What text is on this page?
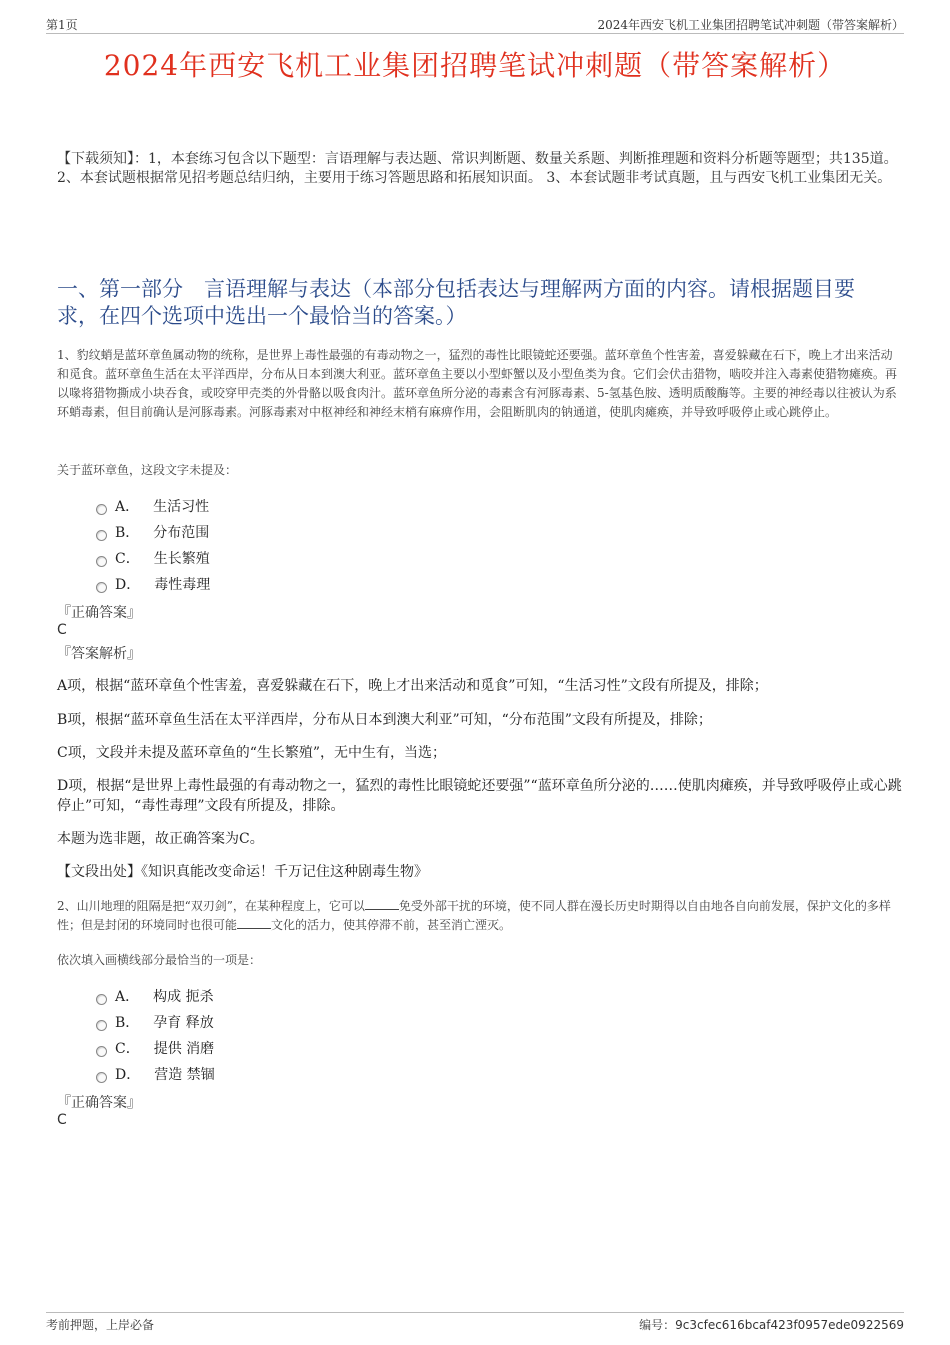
第1页	2024年西安飞机工业集团招聘笔试冲刺题（带答案解析）
2024年西安飞机工业集团招聘笔试冲刺题（带答案解析）
【下载须知】：1，本套练习包含以下题型：言语理解与表达题、常识判断题、数量关系题、判断推理题和资料分析题等题型；共135道。 2、本套试题根据常见招考题总结归纳，主要用于练习答题思路和拓展知识面。 3、本套试题非考试真题，且与西安飞机工业集团无关。
一、第一部分　言语理解与表达（本部分包括表达与理解两方面的内容。请根据题目要求，在四个选项中选出一个最恰当的答案。）
1、豹纹蛸是蓝环章鱼属动物的统称，是世界上毒性最强的有毒动物之一，猛烈的毒性比眼镜蛇还要强。蓝环章鱼个性害羞，喜爱躲藏在石下，晚上才出来活动和觅食。蓝环章鱼生活在太平洋西岸，分布从日本到澳大利亚。蓝环章鱼主要以小型虾蟹以及小型鱼类为食。它们会伏击猎物，啮咬并注入毒素使猎物瘫痪。再以喙将猎物撕成小块吞食，或咬穿甲壳类的外骨骼以吸食肉汁。蓝环章鱼所分泌的毒素含有河豚毒素、5-氢基色胺、透明质酸酶等。主要的神经毒以往被认为系环蛸毒素，但目前确认是河豚毒素。河豚毒素对中枢神经和神经末梢有麻痹作用，会阻断肌肉的钠通道，使肌肉瘫痪，并导致呼吸停止或心跳停止。
关于蓝环章鱼，这段文字未提及：
A． 生活习性
B． 分布范围
C． 生长繁殖
D． 毒性毒理
『正确答案』
C
『答案解析』
A项，根据“蓝环章鱼个性害羞，喜爱躲藏在石下，晚上才出来活动和觅食”可知，“生活习性”文段有所提及，排除；
B项，根据“蓝环章鱼生活在太平洋西岸，分布从日本到澳大利亚”可知，“分布范围”文段有所提及，排除；
C项，文段并未提及蓝环章鱼的“生长繁殖”，无中生有，当选；
D项，根据“是世界上毒性最强的有毒动物之一，猛烈的毒性比眼镜蛇还要强”“蓝环章鱼所分泌的……使肌肉瘫痪，并导致呼吸停止或心跳停止”可知，“毒性毒理”文段有所提及，排除。
本题为选非题，故正确答案为C。
【文段出处】《知识真能改变命运！千万记住这种剧毒生物》
2、山川地理的阻隔是把“双刃剑”，在某种程度上，它可以	免受外部干扰的环境，使不同人群在漫长历史时期得以自由地各自向前发展，保护文化的多样性；但是封闭的环境同时也很可能	文化的活力，使其停滞不前，甚至消亡湮灭。
依次填入画横线部分最恰当的一项是：
A． 构成 扼杀
B． 孕育 释放
C． 提供 消磨
D． 营造 禁锢
『正确答案』
C
考前押题，上岸必备	编号：9c3cfec616bcaf423f0957ede0922569
